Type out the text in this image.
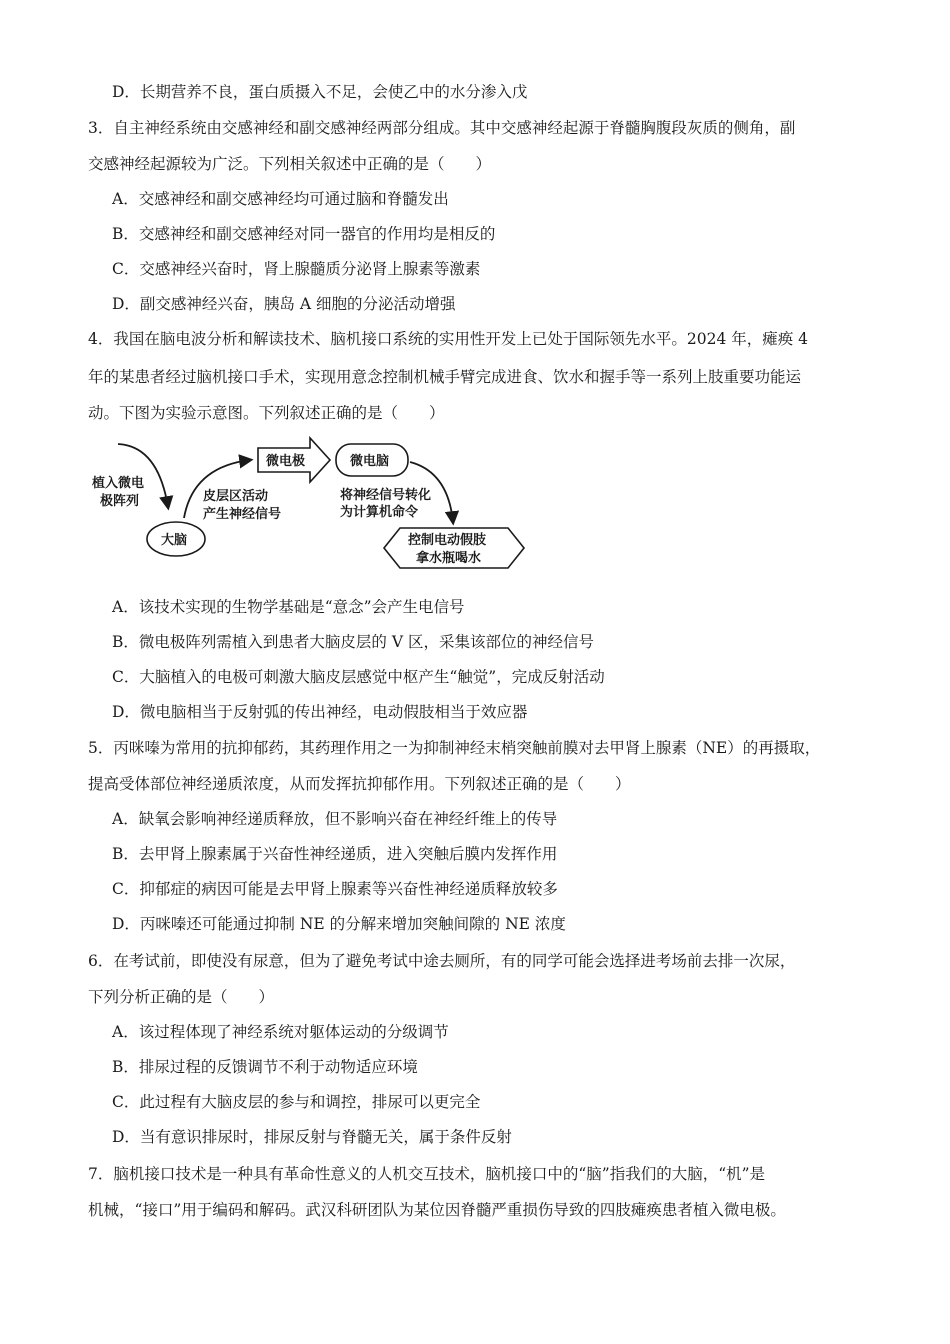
D．长期营养不良，蛋白质摄入不足，会使乙中的水分渗入戊
3．自主神经系统由交感神经和副交感神经两部分组成。其中交感神经起源于脊髓胸腹段灰质的侧角，副
交感神经起源较为广泛。下列相关叙述中正确的是（　　）
A．交感神经和副交感神经均可通过脑和脊髓发出
B．交感神经和副交感神经对同一器官的作用均是相反的
C．交感神经兴奋时，肾上腺髓质分泌肾上腺素等激素
D．副交感神经兴奋，胰岛 A 细胞的分泌活动增强
4．我国在脑电波分析和解读技术、脑机接口系统的实用性开发上已处于国际领先水平。2024 年，瘫痪 4
年的某患者经过脑机接口手术，实现用意念控制机械手臂完成进食、饮水和握手等一系列上肢重要功能运
动。下图为实验示意图。下列叙述正确的是（　　）
植入微电
极阵列
大脑
皮层区活动
产生神经信号
微电极	微电脑
将神经信号转化
为计算机命令
控制电动假肢
拿水瓶喝水
A．该技术实现的生物学基础是“意念”会产生电信号
B．微电极阵列需植入到患者大脑皮层的 V 区，采集该部位的神经信号
C．大脑植入的电极可刺激大脑皮层感觉中枢产生“触觉”，完成反射活动
D．微电脑相当于反射弧的传出神经，电动假肢相当于效应器
5．丙咪嗪为常用的抗抑郁药，其药理作用之一为抑制神经末梢突触前膜对去甲肾上腺素（NE）的再摄取，
提高受体部位神经递质浓度，从而发挥抗抑郁作用。下列叙述正确的是（　　）
A．缺氧会影响神经递质释放，但不影响兴奋在神经纤维上的传导
B．去甲肾上腺素属于兴奋性神经递质，进入突触后膜内发挥作用
C．抑郁症的病因可能是去甲肾上腺素等兴奋性神经递质释放较多
D．丙咪嗪还可能通过抑制 NE 的分解来增加突触间隙的 NE 浓度
6．在考试前，即使没有尿意，但为了避免考试中途去厕所，有的同学可能会选择进考场前去排一次尿，
下列分析正确的是（　　）
A．该过程体现了神经系统对躯体运动的分级调节
B．排尿过程的反馈调节不利于动物适应环境
C．此过程有大脑皮层的参与和调控，排尿可以更完全
D．当有意识排尿时，排尿反射与脊髓无关，属于条件反射
7．脑机接口技术是一种具有革命性意义的人机交互技术，脑机接口中的“脑”指我们的大脑，“机”是
机械，“接口”用于编码和解码。武汉科研团队为某位因脊髓严重损伤导致的四肢瘫痪患者植入微电极。
